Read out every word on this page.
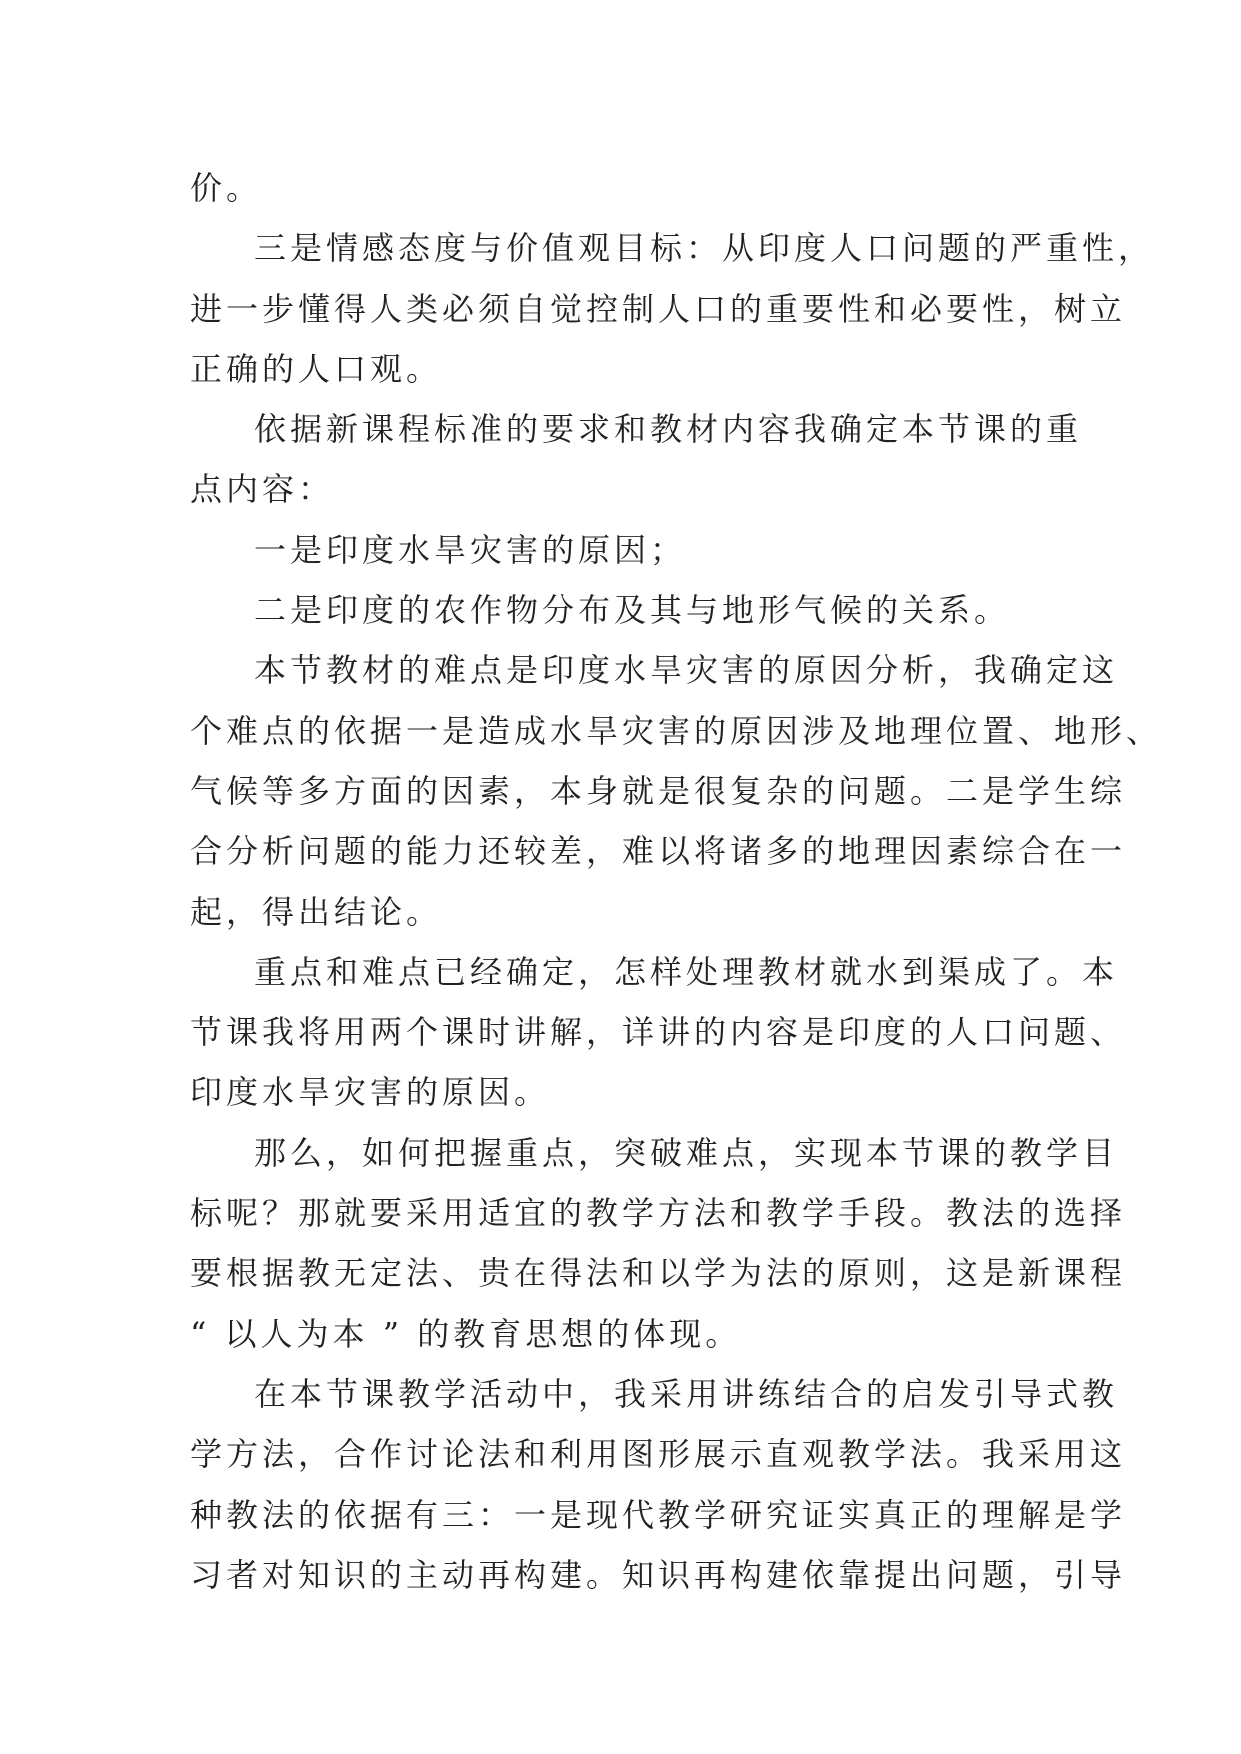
价。

三是情感态度与价值观目标：从印度人口问题的严重性，
进一步懂得人类必须自觉控制人口的重要性和必要性，树立
正确的人口观。

依据新课程标准的要求和教材内容我确定本节课的重
点内容：

一是印度水旱灾害的原因；

二是印度的农作物分布及其与地形气候的关系。

本节教材的难点是印度水旱灾害的原因分析，我确定这
个难点的依据一是造成水旱灾害的原因涉及地理位置、地形、
气候等多方面的因素，本身就是很复杂的问题。二是学生综
合分析问题的能力还较差，难以将诸多的地理因素综合在一
起，得出结论。

重点和难点已经确定，怎样处理教材就水到渠成了。本
节课我将用两个课时讲解，详讲的内容是印度的人口问题、
印度水旱灾害的原因。

那么，如何把握重点，突破难点，实现本节课的教学目
标呢？那就要采用适宜的教学方法和教学手段。教法的选择
要根据教无定法、贵在得法和以学为法的原则，这是新课程
“ 以人为本 ” 的教育思想的体现。

在本节课教学活动中，我采用讲练结合的启发引导式教
学方法，合作讨论法和利用图形展示直观教学法。我采用这
种教法的依据有三：一是现代教学研究证实真正的理解是学
习者对知识的主动再构建。知识再构建依靠提出问题，引导
